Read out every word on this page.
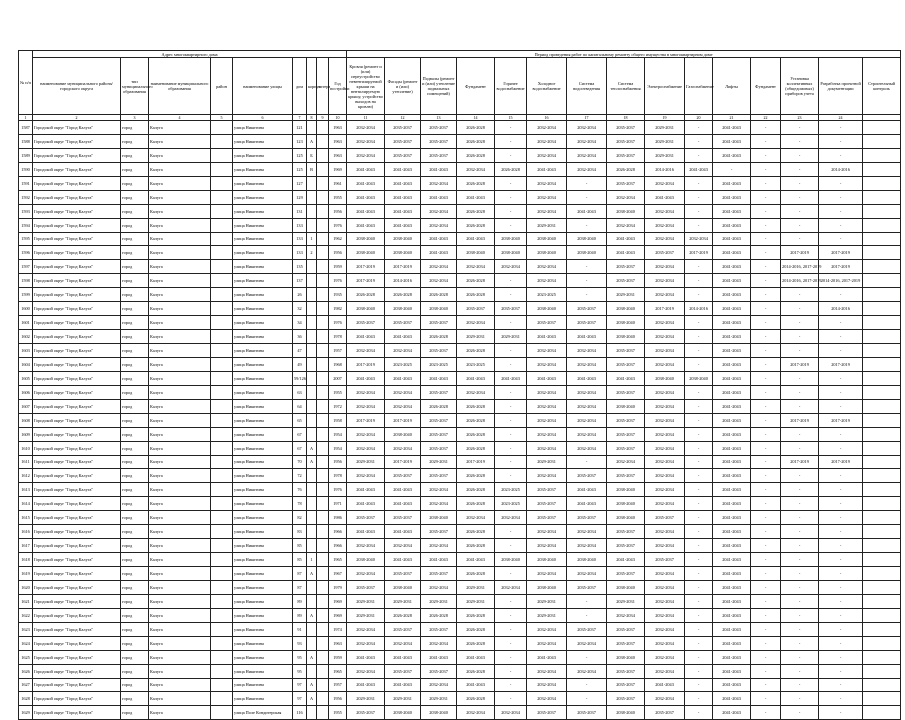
№ п/п	Адрес многоквартирного дома									Период проведения работ по капитальному ремонту общего имущества в многоквартирном доме														
	наименование муниципального района/городского округа	тип муниципального образования	наименование муниципального образования	район	наименование улицы	дом	корпус	литера	Год постройки	Кровля (ремонт и (или) переустройство невентилируемой крыши на вентилируемую крышу, устройство выходов на кровлю)	Фасады (ремонт и (или) утепление)	Подвалы (ремонт и (или) утепление подвальных помещений)	Фундамент	Горячее водоснабжение	Холодное водоснабжение	Система водоотведения	Система теплоснабжения	Электроснабжение	Газоснабжение	Лифты	Фундамент	Установка коллективных (общедомовых) приборов учета	Разработка проектной документации	Строительный контроль
1	2	3	4	5	6	7	8	9	10	11	12	13	14	15	16	17	18	19	20	21	22	23	24	
1587	Городской округ "Город Калуга"	город	Калуга		улица Никитина	121			1963	2032-2034	2035-2037	2035-2037	2026-2028	-	2032-2034	2032-2034	2035-2037	2029-2031	-	2041-2043	-	-	-	
1588	Городской округ "Город Калуга"	город	Калуга		улица Никитина	123	А		1963	2032-2034	2035-2037	2035-2037	2026-2028	-	2032-2034	2032-2034	2035-2037	2029-2031	-	2041-2043	-	-	-	
1589	Городской округ "Город Калуга"	город	Калуга		улица Никитина	125	Б		1963	2032-2034	2035-2037	2035-2037	2026-2028	-	2032-2034	2032-2034	2035-2037	2029-2031	-	2041-2043	-	-	-	
1590	Городской округ "Город Калуга"	город	Калуга		улица Никитина	125	В		1969	2041-2043	2041-2043	2041-2043	2032-2034	2026-2028	2041-2043	2032-2034	2026-2028	2014-2016	2041-2043	-	-	-	2014-2016	
1591	Городской округ "Город Калуга"	город	Калуга		улица Никитина	127			1961	2041-2043	2041-2043	2032-2034	2026-2028	-	2032-2034	-	2035-2037	2032-2034	-	2041-2043	-	-	-	
1592	Городской округ "Город Калуга"	город	Калуга		улица Никитина	129			1955	2041-2043	2041-2043	2041-2043	2041-2043	-	2032-2034	-	2032-2034	2041-2043	-	2041-2043	-	-	-	
1593	Городской округ "Город Калуга"	город	Калуга		улица Никитина	131			1956	2041-2043	2041-2043	2032-2034	2026-2028	-	2032-2034	2041-2043	2038-2040	2032-2034	-	2041-2043	-	-	-	
1594	Городской округ "Город Калуга"	город	Калуга		улица Никитина	133			1976	2041-2043	2041-2043	2032-2034	2026-2028	-	2029-2031	-	2032-2034	2032-2034	-	2041-2043	-	-	-	
1595	Городской округ "Город Калуга"	город	Калуга		улица Никитина	133	1		1962	2038-2040	2038-2040	2041-2043	2041-2043	2038-2040	2038-2040	2038-2040	2041-2043	2032-2034	2032-2034	2041-2043	-	-	-	
1596	Городской округ "Город Калуга"	город	Калуга		улица Никитина	133	2		1956	2038-2040	2038-2040	2041-2043	2038-2040	2038-2040	2038-2040	2038-2040	2041-2043	2035-2037	2017-2019	2041-2043	-	2017-2019	2017-2019	
1597	Городской округ "Город Калуга"	город	Калуга		улица Никитина	135			1959	2017-2019	2017-2019	2032-2034	2032-2034	2032-2034	2032-2034	-	2035-2037	2032-2034	-	2041-2043	-	2014-2016, 2017-2019	2017-2019	
1598	Городской округ "Город Калуга"	город	Калуга		улица Никитина	137			1976	2017-2019	2014-2016	2032-2034	2026-2028	-	2032-2034	-	2035-2037	2032-2034	-	2041-2043	-	2014-2016, 2017-2019	2014-2016, 2017-2019	
1599	Городской округ "Город Калуга"	город	Калуга		улица Никитина	26			1935	2026-2028	2026-2028	2026-2028	2026-2028	-	2023-2025	-	2029-2031	2032-2034	-	2041-2043	-	-	-	
1600	Городской округ "Город Калуга"	город	Калуга		улица Никитина	32			1982	2038-2040	2038-2040	2038-2040	2035-2037	2035-2037	2038-2040	2035-2037	2038-2040	2017-2019	2014-2016	2041-2043	-	-	2014-2016	
1601	Городской округ "Город Калуга"	город	Калуга		улица Никитина	34			1976	2035-2037	2035-2037	2035-2037	2032-2034	-	2035-2037	2035-2037	2038-2040	2032-2034	-	2041-2043	-	-	-	
1602	Городской округ "Город Калуга"	город	Калуга		улица Никитина	36			1978	2041-2043	2041-2043	2026-2028	2029-2031	2029-2031	2041-2043	2041-2043	2038-2040	2032-2034	-	2041-2043	-	-	-	
1603	Городской округ "Город Калуга"	город	Калуга		улица Никитина	47			1957	2032-2034	2032-2034	2035-2037	2026-2028	-	2032-2034	2032-2034	2035-2037	2032-2034	-	2041-2043	-	-	-	
1604	Городской округ "Город Калуга"	город	Калуга		улица Никитина	49			1968	2017-2019	2023-2025	2023-2025	2023-2025	-	2032-2034	2032-2034	2035-2037	2032-2034	-	2041-2043	-	2017-2019	2017-2019	
1605	Городской округ "Город Калуга"	город	Калуга		улица Никитина	59/126			2007	2041-2043	2041-2043	2041-2043	2041-2043	2041-2043	2041-2043	2041-2043	2041-2043	2038-2040	2038-2040	2041-2043	-	-	-	
1606	Городской округ "Город Калуга"	город	Калуга		улица Никитина	63			1955	2032-2034	2032-2034	2035-2037	2032-2034	-	2032-2034	2032-2034	2035-2037	2032-2034	-	2041-2043	-	-	-	
1607	Городской округ "Город Калуга"	город	Калуга		улица Никитина	64			1972	2032-2034	2032-2034	2026-2028	2026-2028	-	2032-2034	2032-2034	2038-2040	2032-2034	-	2041-2043	-	-	-	
1608	Городской округ "Город Калуга"	город	Калуга		улица Никитина	65			1958	2017-2019	2017-2019	2035-2037	2026-2028	-	2032-2034	2032-2034	2035-2037	2032-2034	-	2041-2043	-	2017-2019	2017-2019	
1609	Городской округ "Город Калуга"	город	Калуга		улица Никитина	67			1954	2032-2034	2038-2040	2035-2037	2026-2028	-	2032-2034	2032-2034	2035-2037	2032-2034	-	2041-2043	-	-	-	
1610	Городской округ "Город Калуга"	город	Калуга		улица Никитина	67	А		1954	2032-2034	2032-2034	2035-2037	2026-2028	-	2032-2034	2032-2034	2035-2037	2032-2034	-	2041-2043	-	-	-	
1611	Городской округ "Город Калуга"	город	Калуга		улица Никитина	70	А		1956	2029-2031	2017-2019	2029-2031	2017-2019	-	2029-2031	-	2032-2034	2032-2034	-	2041-2043	-	2017-2019	2017-2019	
1612	Городской округ "Город Калуга"	город	Калуга		улица Никитина	72			1978	2032-2034	2035-2037	2035-2037	2026-2028	-	2032-2034	2035-2037	2035-2037	2032-2034	-	2041-2043	-	-	-	
1613	Городской округ "Город Калуга"	город	Калуга		улица Никитина	76			1976	2041-2043	2041-2043	2032-2034	2026-2028	2023-2025	2035-2037	2041-2043	2038-2040	2032-2034	-	2041-2043	-	-	-	
1614	Городской округ "Город Калуга"	город	Калуга		улица Никитина	78			1971	2041-2043	2041-2043	2032-2034	2026-2028	2023-2025	2035-2037	2041-2043	2038-2040	2032-2034	-	2041-2043	-	-	-	
1615	Городской округ "Город Калуга"	город	Калуга		улица Никитина	82			1986	2035-2037	2035-2037	2038-2040	2032-2034	2032-2034	2035-2037	2035-2037	2038-2040	2035-2037	-	2041-2043	-	-	-	
1616	Городской округ "Город Калуга"	город	Калуга		улица Никитина	83			1966	2041-2043	2041-2043	2035-2037	2026-2028	-	2032-2034	2032-2034	2035-2037	2032-2034	-	2041-2043	-	-	-	
1617	Городской округ "Город Калуга"	город	Калуга		улица Никитина	85			1966	2032-2034	2032-2034	2032-2034	2026-2028	-	2032-2034	2032-2034	2035-2037	2032-2034	-	2041-2043	-	-	-	
1618	Городской округ "Город Калуга"	город	Калуга		улица Никитина	85	1		1965	2038-2040	2041-2043	2041-2043	2041-2043	2038-2040	2038-2040	2038-2040	2041-2043	2035-2037	-	2041-2043	-	-	-	
1619	Городской округ "Город Калуга"	город	Калуга		улица Никитина	87	А		1967	2032-2034	2035-2037	2035-2037	2026-2028	-	2032-2034	2032-2034	2035-2037	2032-2034	-	2041-2043	-	-	-	
1620	Городской округ "Город Калуга"	город	Калуга		улица Никитина	87			1979	2035-2037	2038-2040	2032-2034	2029-2031	2032-2034	2038-2040	2035-2037	2038-2040	2032-2034	-	2041-2043	-	-	-	
1621	Городской округ "Город Калуга"	город	Калуга		улица Никитина	89			1969	2029-2031	2029-2031	2029-2031	2029-2031	-	2029-2031	-	2029-2031	2032-2034	-	2041-2043	-	-	-	
1622	Городской округ "Город Калуга"	город	Калуга		улица Никитина	89	А		1969	2029-2031	2026-2028	2026-2028	2026-2028	-	2029-2031	-	2032-2034	2032-2034	-	2041-2043	-	-	-	
1623	Городской округ "Город Калуга"	город	Калуга		улица Никитина	91			1974	2032-2034	2035-2037	2035-2037	2026-2028	-	2032-2034	2035-2037	2035-2037	2032-2034	-	2041-2043	-	-	-	
1624	Городской округ "Город Калуга"	город	Калуга		улица Никитина	93			1963	2032-2034	2032-2034	2032-2034	2026-2028	-	2032-2034	2032-2034	2035-2037	2032-2034	-	2041-2043	-	-	-	
1625	Городской округ "Город Калуга"	город	Калуга		улица Никитина	95	А		1959	2041-2043	2041-2043	2041-2043	2041-2043	-	2041-2043	-	2038-2040	2032-2034	-	2041-2043	-	-	-	
1626	Городской округ "Город Калуга"	город	Калуга		улица Никитина	95			1965	2032-2034	2035-2037	2035-2037	2026-2028	-	2032-2034	2032-2034	2035-2037	2032-2034	-	2041-2043	-	-	-	
1627	Городской округ "Город Калуга"	город	Калуга		улица Никитина	97	А		1957	2041-2043	2041-2043	2032-2034	2041-2043	-	2032-2034	-	2035-2037	2041-2043	-	2041-2043	-	-	-	
1628	Городской округ "Город Калуга"	город	Калуга		улица Никитина	97	А		1956	2029-2031	2029-2031	2029-2031	2026-2028	-	2032-2034	-	2035-2037	2032-2034	-	2041-2043	-	-	-	
1629	Городской округ "Город Калуга"	город	Калуга		улица Поле Кондитерская	116			1955	2035-2037	2038-2040	2038-2040	2032-2034	2032-2034	2035-2037	2035-2037	2038-2040	2035-2037	-	2041-2043	-	-	-	
